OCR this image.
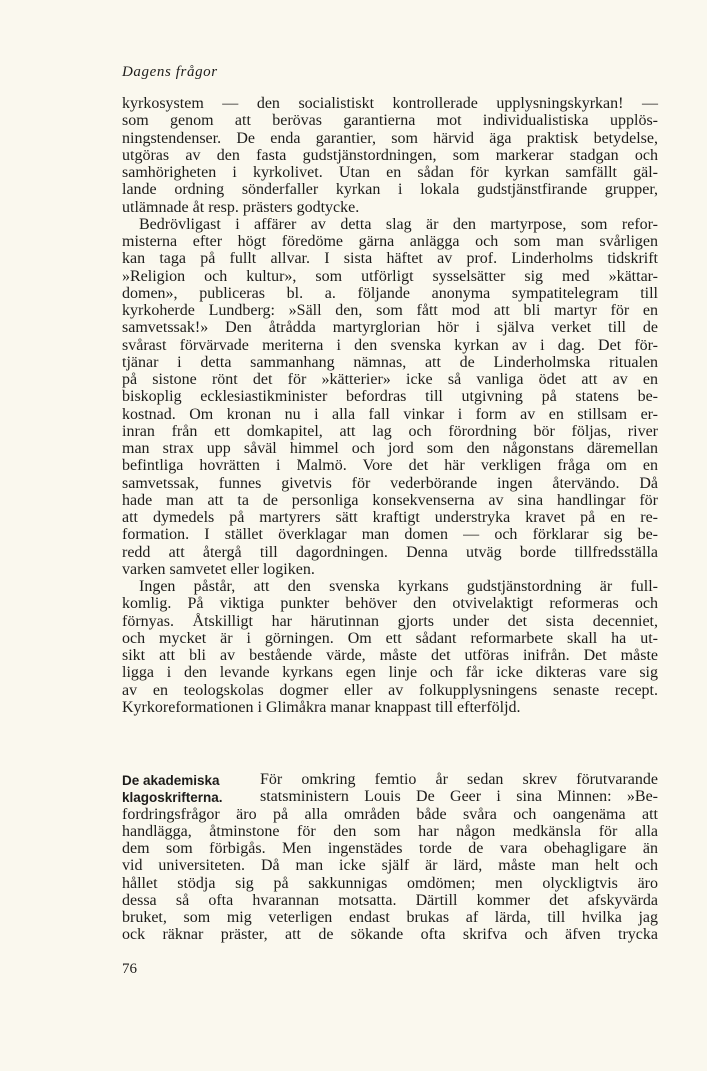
Dagens frågor
kyrkosystem — den socialistiskt kontrollerade upplysningskyrkan! —
som genom att berövas garantierna mot individualistiska upplös-
ningstendenser. De enda garantier, som härvid äga praktisk betydelse,
utgöras av den fasta gudstjänstordningen, som markerar stadgan och
samhörigheten i kyrkolivet. Utan en sådan för kyrkan samfällt gäl-
lande ordning sönderfaller kyrkan i lokala gudstjänstfirande grupper,
utlämnade åt resp. prästers godtycke.
Bedrövligast i affärer av detta slag är den martyrpose, som refor-
misterna efter högt föredöme gärna anlägga och som man svårligen
kan taga på fullt allvar. I sista häftet av prof. Linderholms tidskrift
»Religion och kultur», som utförligt sysselsätter sig med »kättar-
domen», publiceras bl. a. följande anonyma sympatitelegram till
kyrkoherde Lundberg: »Säll den, som fått mod att bli martyr för en
samvetssak!» Den åtrådda martyrglorian hör i själva verket till de
svårast förvärvade meriterna i den svenska kyrkan av i dag. Det för-
tjänar i detta sammanhang nämnas, att de Linderholmska ritualen
på sistone rönt det för »kätterier» icke så vanliga ödet att av en
biskoplig ecklesiastikminister befordras till utgivning på statens be-
kostnad. Om kronan nu i alla fall vinkar i form av en stillsam er-
inran från ett domkapitel, att lag och förordning bör följas, river
man strax upp såväl himmel och jord som den någonstans däremellan
befintliga hovrätten i Malmö. Vore det här verkligen fråga om en
samvetssak, funnes givetvis för vederbörande ingen återvändo. Då
hade man att ta de personliga konsekvenserna av sina handlingar för
att dymedels på martyrers sätt kraftigt understryka kravet på en re-
formation. I stället överklagar man domen — och förklarar sig be-
redd att återgå till dagordningen. Denna utväg borde tillfredsställa
varken samvetet eller logiken.
Ingen påstår, att den svenska kyrkans gudstjänstordning är full-
komlig. På viktiga punkter behöver den otvivelaktigt reformeras och
förnyas. Åtskilligt har härutinnan gjorts under det sista decenniet,
och mycket är i görningen. Om ett sådant reformarbete skall ha ut-
sikt att bli av bestående värde, måste det utföras inifrån. Det måste
ligga i den levande kyrkans egen linje och får icke dikteras vare sig
av en teologskolas dogmer eller av folkupplysningens senaste recept.
Kyrkoreformationen i Glimåkra manar knappast till efterföljd.
De akademiska
klagoskrifterna.
För omkring femtio år sedan skrev förutvarande
statsministern Louis De Geer i sina Minnen: »Be-
fordringsfrågor äro på alla områden både svåra och oangenäma att
handlägga, åtminstone för den som har någon medkänsla för alla
dem som förbigås. Men ingenstädes torde de vara obehagligare än
vid universiteten. Då man icke själf är lärd, måste man helt och
hållet stödja sig på sakkunnigas omdömen; men olyckligtvis äro
dessa så ofta hvarannan motsatta. Därtill kommer det afskyvärda
bruket, som mig veterligen endast brukas af lärda, till hvilka jag
ock räknar präster, att de sökande ofta skrifva och äfven trycka
76
